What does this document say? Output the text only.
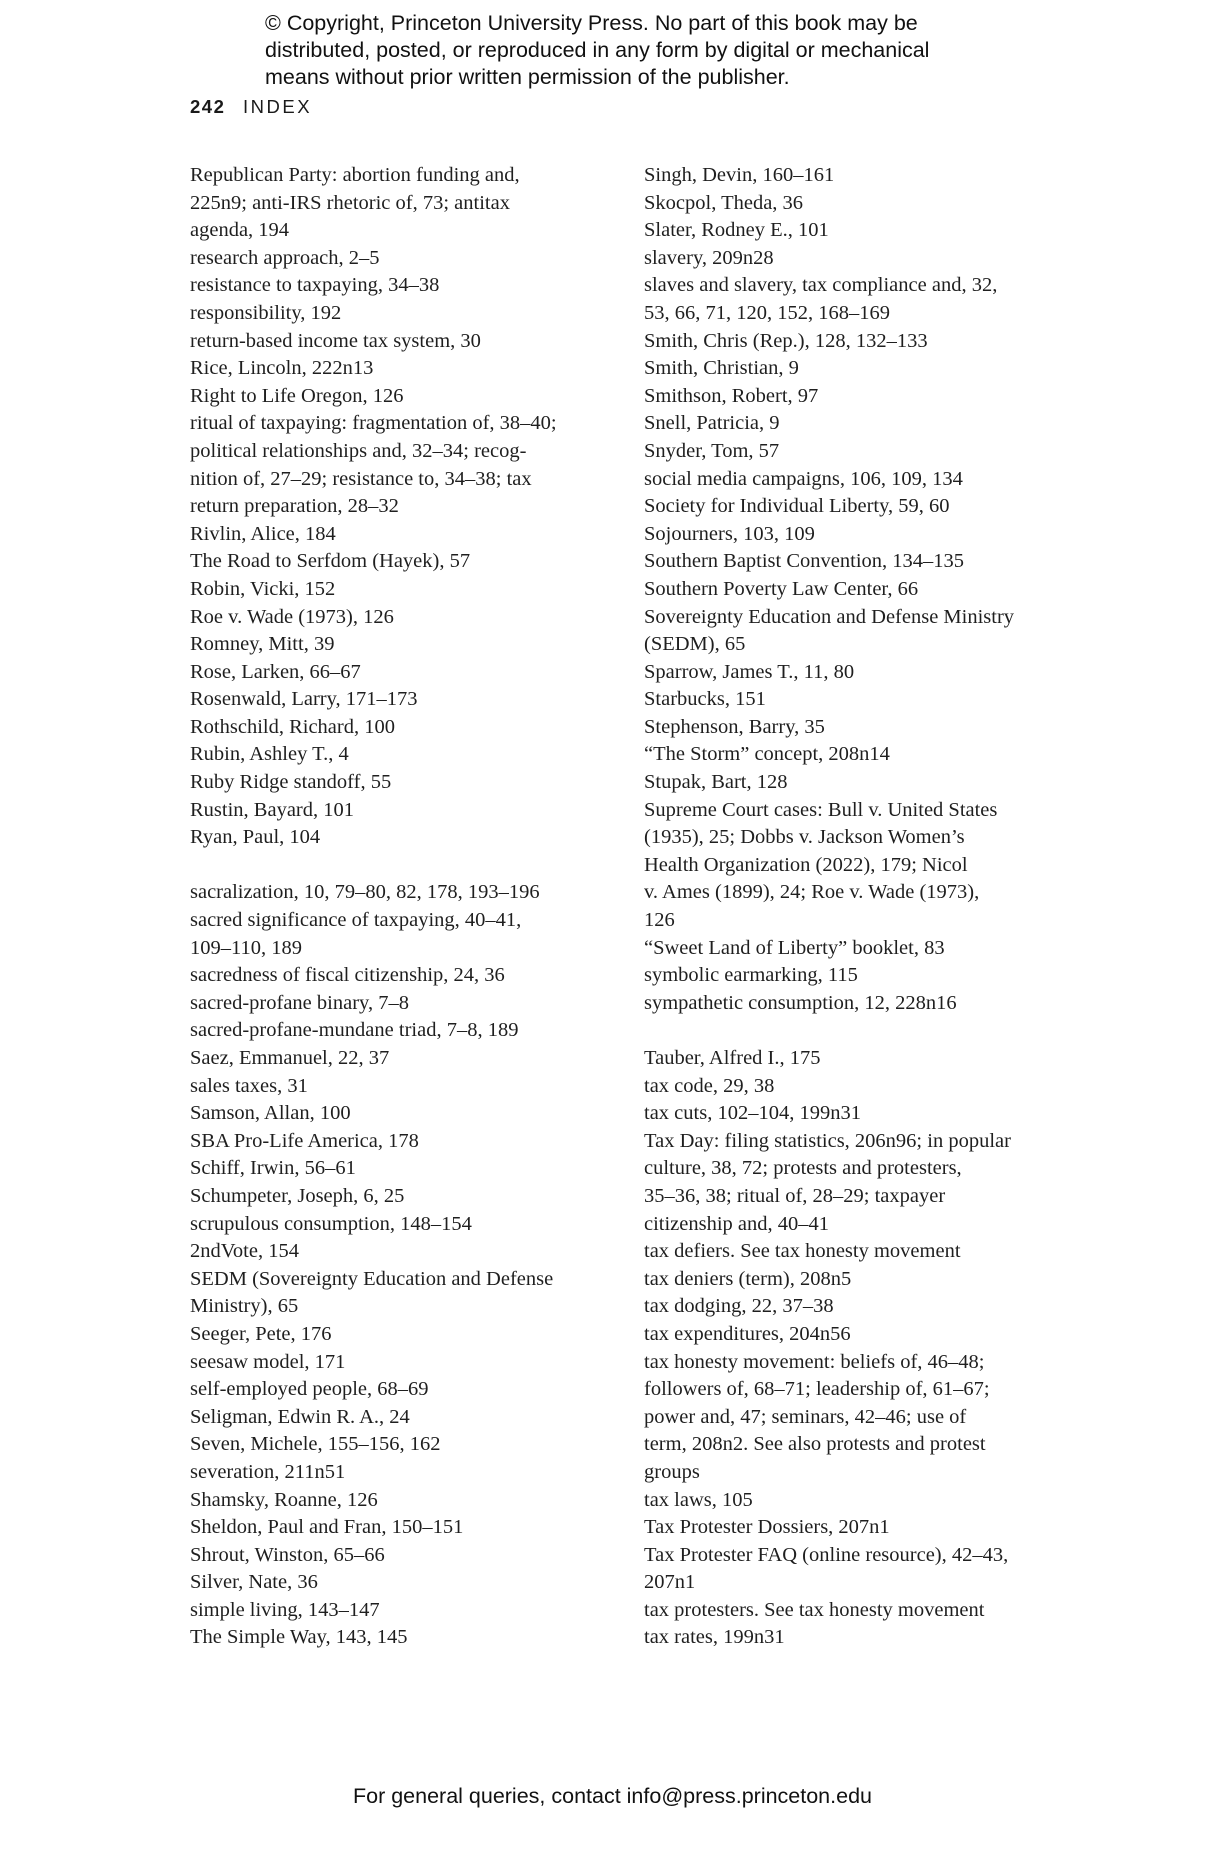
© Copyright, Princeton University Press. No part of this book may be
distributed, posted, or reproduced in any form by digital or mechanical
means without prior written permission of the publisher.
242 INDEX
Republican Party: abortion funding and,
225n9; anti-IRS rhetoric of, 73; antitax
agenda, 194
research approach, 2–5
resistance to taxpaying, 34–38
responsibility, 192
return-based income tax system, 30
Rice, Lincoln, 222n13
Right to Life Oregon, 126
ritual of taxpaying: fragmentation of, 38–40;
political relationships and, 32–34; recog-
nition of, 27–29; resistance to, 34–38; tax
return preparation, 28–32
Rivlin, Alice, 184
The Road to Serfdom (Hayek), 57
Robin, Vicki, 152
Roe v. Wade (1973), 126
Romney, Mitt, 39
Rose, Larken, 66–67
Rosenwald, Larry, 171–173
Rothschild, Richard, 100
Rubin, Ashley T., 4
Ruby Ridge standoff, 55
Rustin, Bayard, 101
Ryan, Paul, 104
sacralization, 10, 79–80, 82, 178, 193–196
sacred significance of taxpaying, 40–41,
109–110, 189
sacredness of fiscal citizenship, 24, 36
sacred-profane binary, 7–8
sacred-profane-mundane triad, 7–8, 189
Saez, Emmanuel, 22, 37
sales taxes, 31
Samson, Allan, 100
SBA Pro-Life America, 178
Schiff, Irwin, 56–61
Schumpeter, Joseph, 6, 25
scrupulous consumption, 148–154
2ndVote, 154
SEDM (Sovereignty Education and Defense
Ministry), 65
Seeger, Pete, 176
seesaw model, 171
self-employed people, 68–69
Seligman, Edwin R. A., 24
Seven, Michele, 155–156, 162
severation, 211n51
Shamsky, Roanne, 126
Sheldon, Paul and Fran, 150–151
Shrout, Winston, 65–66
Silver, Nate, 36
simple living, 143–147
The Simple Way, 143, 145
Singh, Devin, 160–161
Skocpol, Theda, 36
Slater, Rodney E., 101
slavery, 209n28
slaves and slavery, tax compliance and, 32,
53, 66, 71, 120, 152, 168–169
Smith, Chris (Rep.), 128, 132–133
Smith, Christian, 9
Smithson, Robert, 97
Snell, Patricia, 9
Snyder, Tom, 57
social media campaigns, 106, 109, 134
Society for Individual Liberty, 59, 60
Sojourners, 103, 109
Southern Baptist Convention, 134–135
Southern Poverty Law Center, 66
Sovereignty Education and Defense Ministry
(SEDM), 65
Sparrow, James T., 11, 80
Starbucks, 151
Stephenson, Barry, 35
“The Storm” concept, 208n14
Stupak, Bart, 128
Supreme Court cases: Bull v. United States
(1935), 25; Dobbs v. Jackson Women’s
Health Organization (2022), 179; Nicol
v. Ames (1899), 24; Roe v. Wade (1973),
126
“Sweet Land of Liberty” booklet, 83
symbolic earmarking, 115
sympathetic consumption, 12, 228n16
Tauber, Alfred I., 175
tax code, 29, 38
tax cuts, 102–104, 199n31
Tax Day: filing statistics, 206n96; in popular
culture, 38, 72; protests and protesters,
35–36, 38; ritual of, 28–29; taxpayer
citizenship and, 40–41
tax defiers. See tax honesty movement
tax deniers (term), 208n5
tax dodging, 22, 37–38
tax expenditures, 204n56
tax honesty movement: beliefs of, 46–48;
followers of, 68–71; leadership of, 61–67;
power and, 47; seminars, 42–46; use of
term, 208n2. See also protests and protest
groups
tax laws, 105
Tax Protester Dossiers, 207n1
Tax Protester FAQ (online resource), 42–43,
207n1
tax protesters. See tax honesty movement
tax rates, 199n31
For general queries, contact info@press.princeton.edu
